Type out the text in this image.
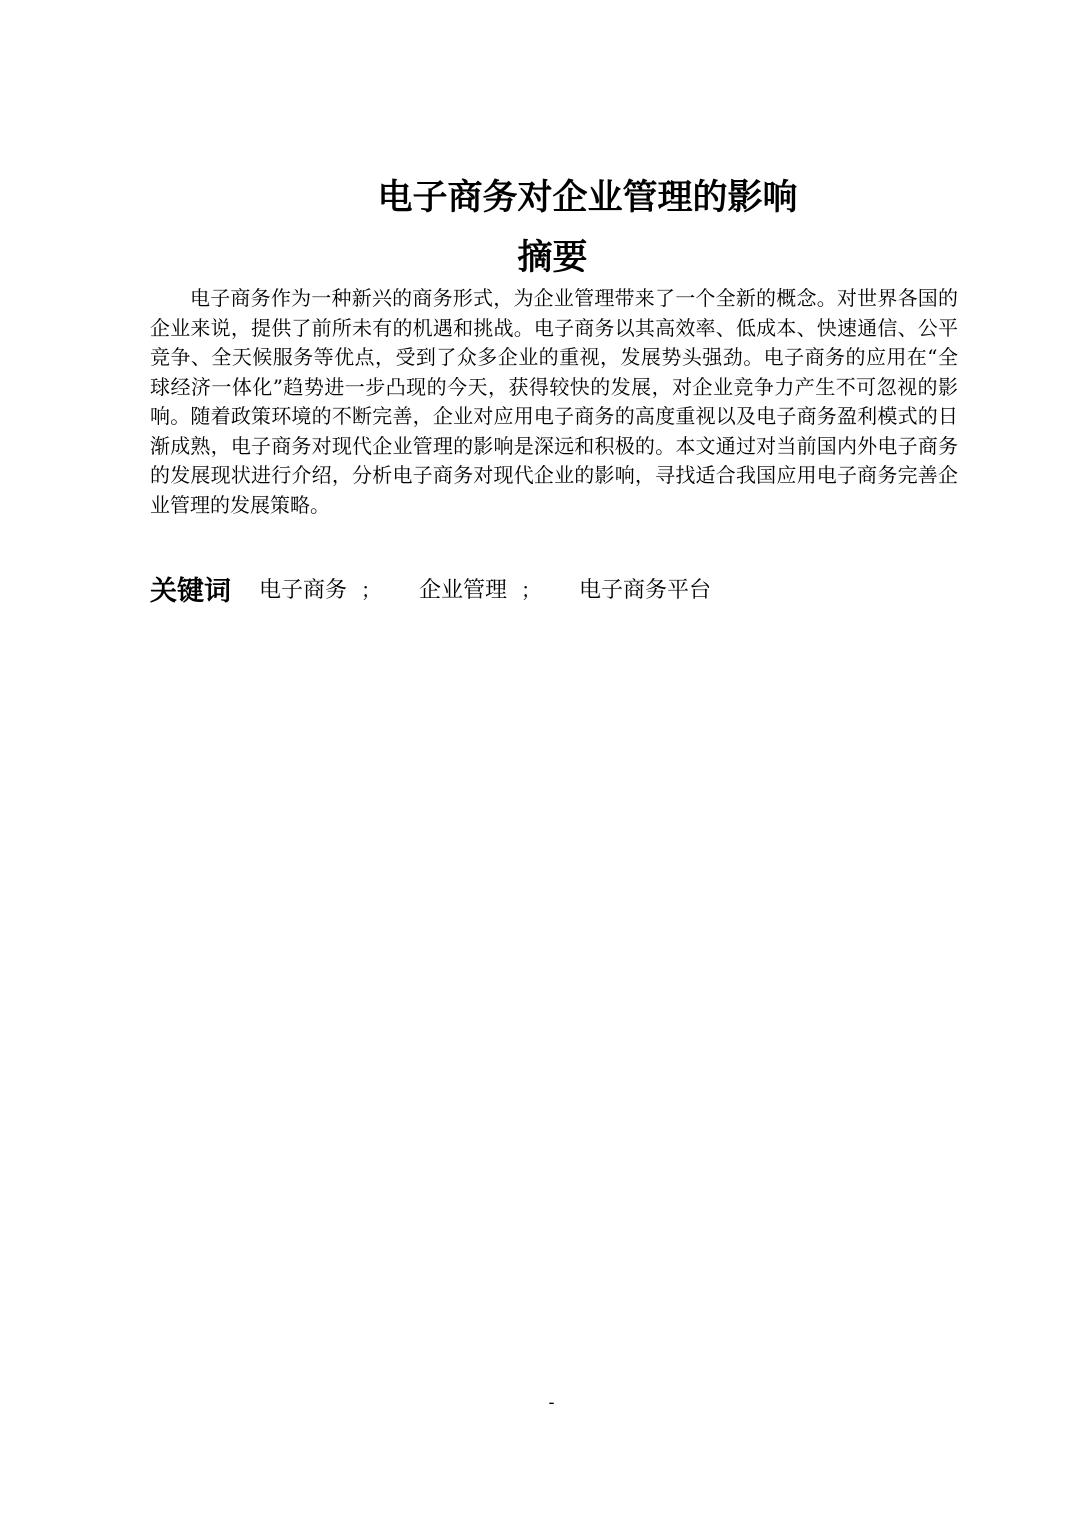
电子商务对企业管理的影响
摘要

电子商务作为一种新兴的商务形式，为企业管理带来了一个全新的概念。对世界各国的企业来说，提供了前所未有的机遇和挑战。电子商务以其高效率、低成本、快速通信、公平竞争、全天候服务等优点，受到了众多企业的重视，发展势头强劲。电子商务的应用在“全球经济一体化”趋势进一步凸现的今天，获得较快的发展，对企业竞争力产生不可忽视的影响。随着政策环境的不断完善，企业对应用电子商务的高度重视以及电子商务盈利模式的日渐成熟，电子商务对现代企业管理的影响是深远和积极的。本文通过对当前国内外电子商务的发展现状进行介绍，分析电子商务对现代企业的影响，寻找适合我国应用电子商务完善企业管理的发展策略。

关键词 电子商务 ； 企业管理 ； 电子商务平台
-
